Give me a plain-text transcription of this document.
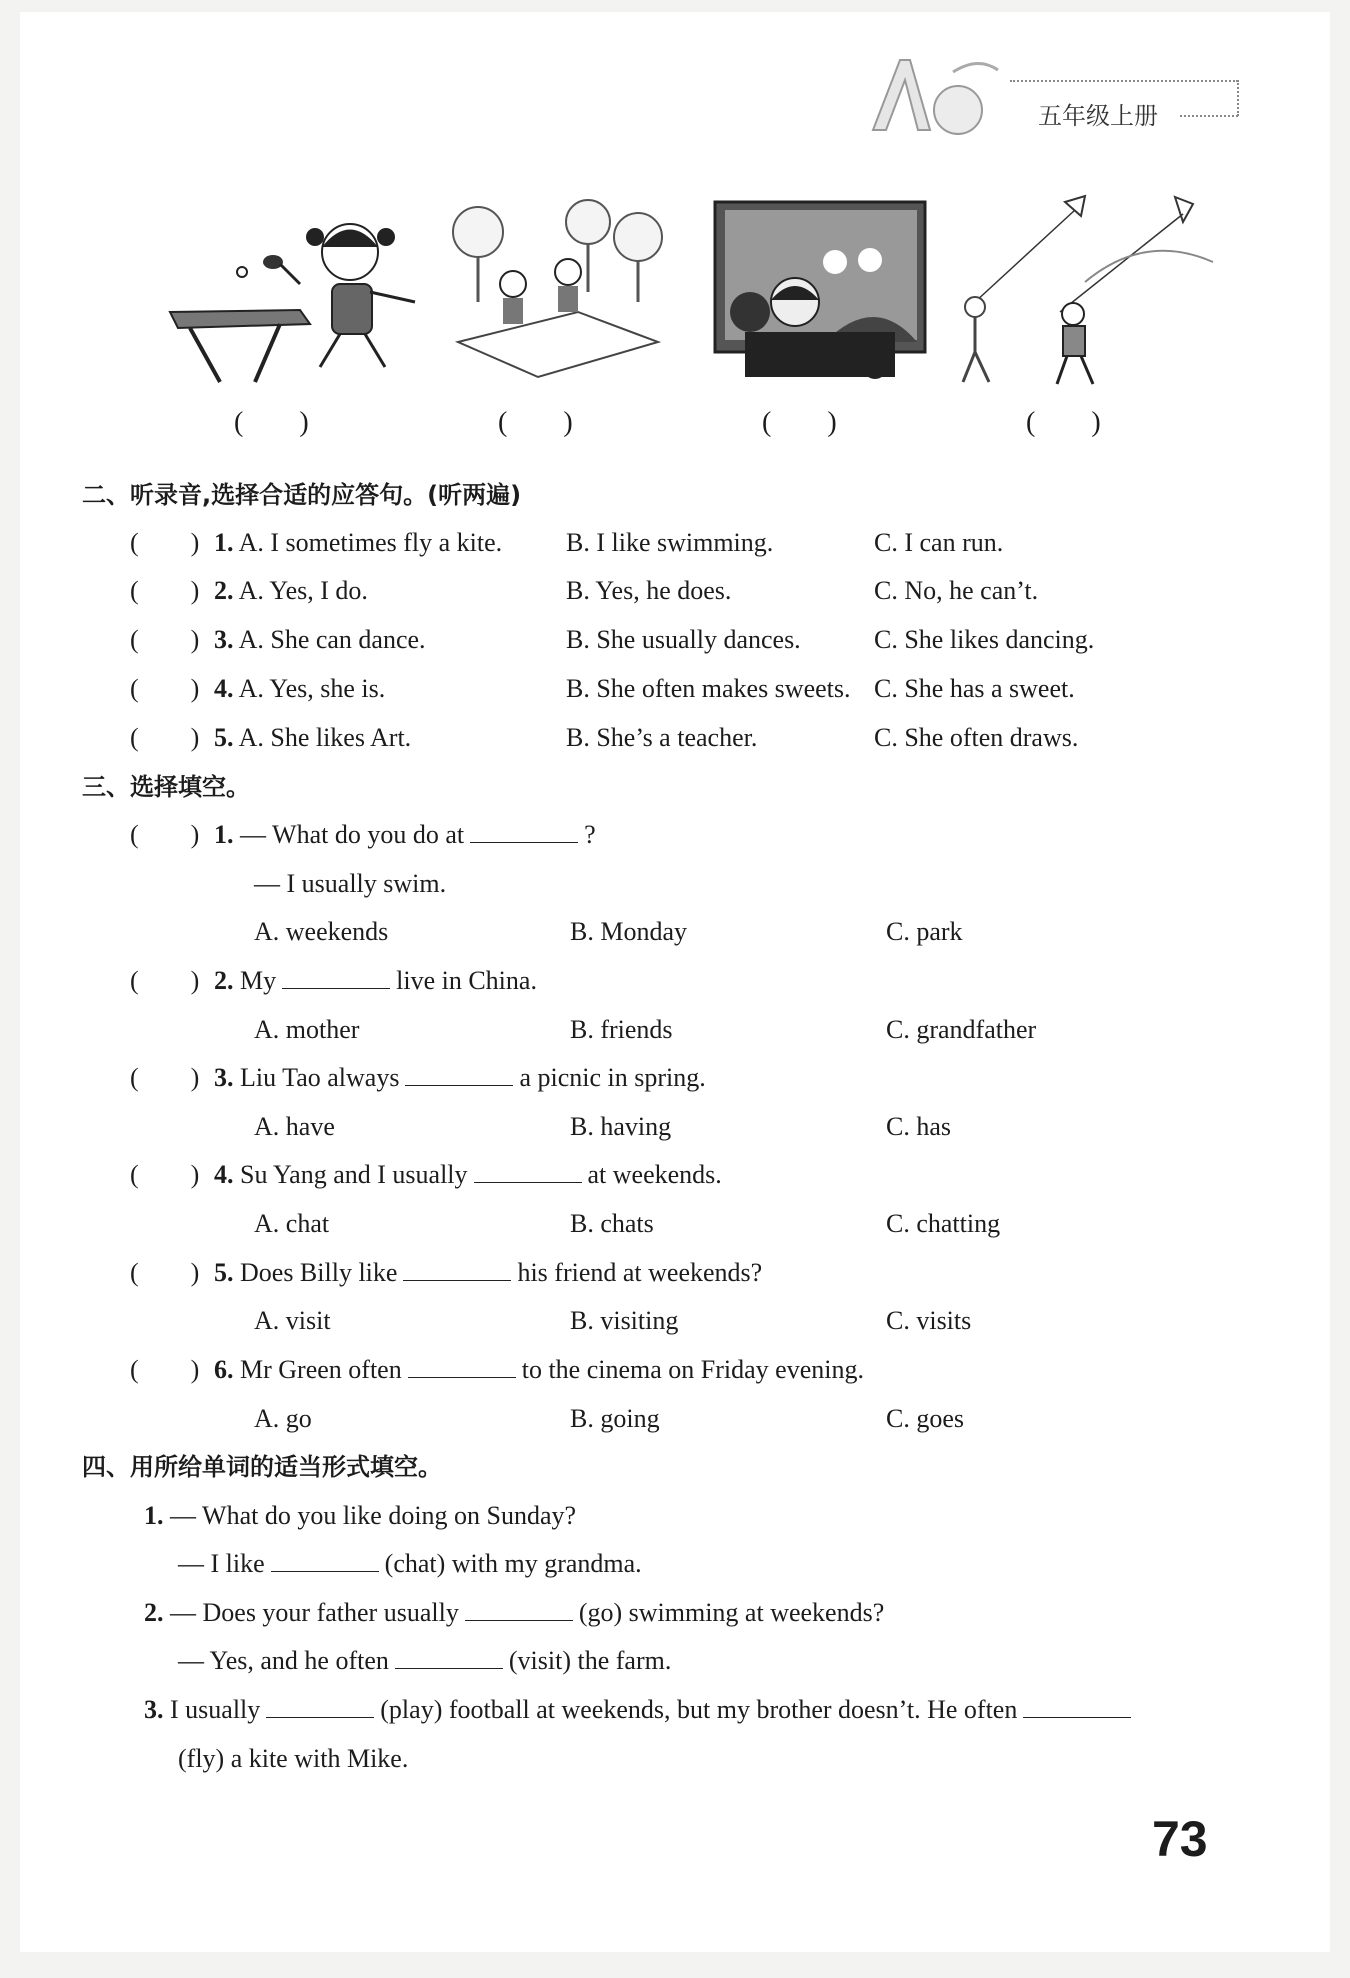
五年级上册
(　　)	(　　)	(　　)	(　　)
二、听录音,选择合适的应答句。(听两遍)
(　　) 1. A. I sometimes fly a kite. B. I like swimming.	C. I can run.
(　　) 2. A. Yes, I do.	B. Yes, he does.	C. No, he can’t.
(　　) 3. A. She can dance.	B. She usually dances.	C. She likes dancing.
(　　) 4. A. Yes, she is.	B. She often makes sweets. C. She has a sweet.
(　　) 5. A. She likes Art.	B. She’s a teacher.	C. She often draws.
三、选择填空。
(　　) 1. — What do you do at	?
— I usually swim.
A. weekends	B. Monday	C. park
(　　) 2. My	live in China.
A. mother	B. friends	C. grandfather
(　　) 3. Liu Tao always	a picnic in spring.
A. have	B. having	C. has
(　　) 4. Su Yang and I usually	at weekends.
A. chat	B. chats	C. chatting
(　　) 5. Does Billy like	his friend at weekends?
A. visit	B. visiting	C. visits
(　　) 6. Mr Green often	to the cinema on Friday evening.
A. go	B. going	C. goes
四、用所给单词的适当形式填空。
1. — What do you like doing on Sunday?
— I like	(chat) with my grandma.
2. — Does your father usually	(go) swimming at weekends?
— Yes, and he often	(visit) the farm.
3. I usually	(play) football at weekends, but my brother doesn’t. He often
(fly) a kite with Mike.
73
